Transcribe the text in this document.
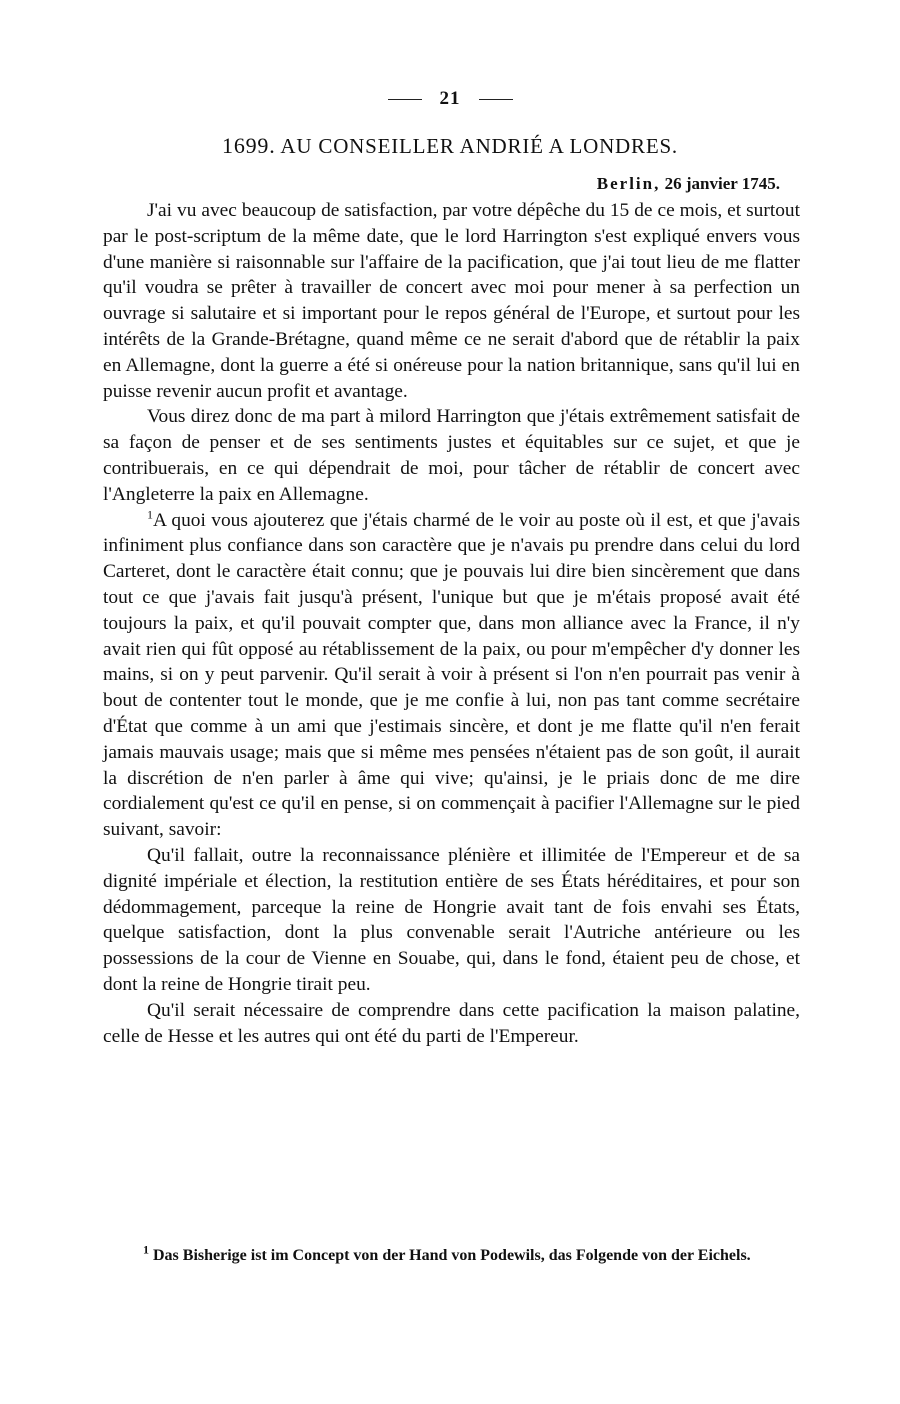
21
1699. AU CONSEILLER ANDRIÉ A LONDRES.
Berlin, 26 janvier 1745.

J'ai vu avec beaucoup de satisfaction, par votre dépêche du 15 de ce mois, et surtout par le post-scriptum de la même date, que le lord Harrington s'est expliqué envers vous d'une manière si raisonnable sur l'affaire de la pacification, que j'ai tout lieu de me flatter qu'il voudra se prêter à travailler de concert avec moi pour mener à sa perfection un ouvrage si salutaire et si important pour le repos général de l'Europe, et surtout pour les intérêts de la Grande-Brétagne, quand même ce ne serait d'abord que de rétablir la paix en Allemagne, dont la guerre a été si onéreuse pour la nation britannique, sans qu'il lui en puisse revenir aucun profit et avantage.

Vous direz donc de ma part à milord Harrington que j'étais extrêmement satisfait de sa façon de penser et de ses sentiments justes et équitables sur ce sujet, et que je contribuerais, en ce qui dépendrait de moi, pour tâcher de rétablir de concert avec l'Angleterre la paix en Allemagne.

$^1$A quoi vous ajouterez que j'étais charmé de le voir au poste où il est, et que j'avais infiniment plus confiance dans son caractère que je n'avais pu prendre dans celui du lord Carteret, dont le caractère était connu; que je pouvais lui dire bien sincèrement que dans tout ce que j'avais fait jusqu'à présent, l'unique but que je m'étais proposé avait été toujours la paix, et qu'il pouvait compter que, dans mon alliance avec la France, il n'y avait rien qui fût opposé au rétablissement de la paix, ou pour m'empêcher d'y donner les mains, si on y peut parvenir. Qu'il serait à voir à présent si l'on n'en pourrait pas venir à bout de contenter tout le monde, que je me confie à lui, non pas tant comme secrétaire d'État que comme à un ami que j'estimais sincère, et dont je me flatte qu'il n'en ferait jamais mauvais usage; mais que si même mes pensées n'étaient pas de son goût, il aurait la discrétion de n'en parler à âme qui vive; qu'ainsi, je le priais donc de me dire cordialement qu'est ce qu'il en pense, si on commençait à pacifier l'Allemagne sur le pied suivant, savoir:

Qu'il fallait, outre la reconnaissance plénière et illimitée de l'Empereur et de sa dignité impériale et élection, la restitution entière de ses États héréditaires, et pour son dédommagement, parceque la reine de Hongrie avait tant de fois envahi ses États, quelque satisfaction, dont la plus convenable serait l'Autriche antérieure ou les possessions de la cour de Vienne en Souabe, qui, dans le fond, étaient peu de chose, et dont la reine de Hongrie tirait peu.

Qu'il serait nécessaire de comprendre dans cette pacification la maison palatine, celle de Hesse et les autres qui ont été du parti de l'Empereur.

$^1$ Das Bisherige ist im Concept von der Hand von Podewils, das Folgende von der Eichels.
